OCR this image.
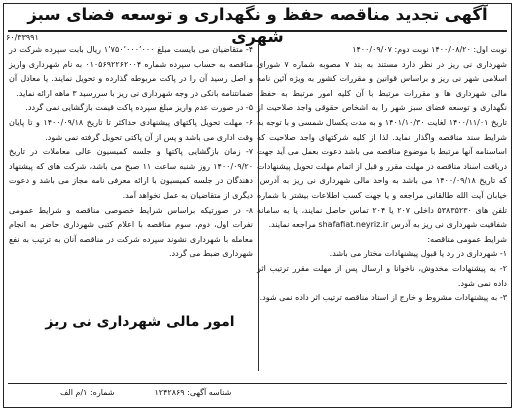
آگهی تجدید مناقصه حفظ و نگهداری و توسعه فضای سبز شهری
۶۰/۳۳۹۹۱

نوبت اول: ۱۴۰۰/۰۸/۲۰ نوبت دوم: ۱۴۰۰/۰۹/۰۷

شهرداری نی ریز در نظر دارد مستند به بند ۷ مصوبه شماره ۷ شورای اسلامی شهر نی ریز و براساس قوانین و مقررات کشور به ویژه آئین نامه مالی شهرداری ها و مقررات مرتبط با آن کلیه امور مرتبط به حفظ، نگهداری و توسعه فضای سبز شهر را به اشخاص حقوقی واجد صلاحیت از تاریخ ۱۴۰۰/۱۱/۰۱ لغایت ۱۴۰۱/۱۰/۳۰ و به مدت یکسال شمسی و با توجه به شرایط سند مناقصه واگذار نماید. لذا از کلیه شرکتهای واجد صلاحیت که اساسنامه آنها مرتبط با موضوع مناقصه می باشد دعوت بعمل می آید جهت دریافت اسناد مناقصه در مهلت مقرر و قبل از اتمام مهلت تحویل پیشنهادات که تاریخ ۱۴۰۰/۰۹/۱۸ می باشد به واحد مالی شهرداری نی ریز به آدرس: خیابان آیت الله طالقانی مراجعه و یا جهت کسب اطلاعات بیشتر با شماره تلفن های ۵۳۸۳۵۲۳۰ داخلی ۲۰۷ یا ۲۰۴ تماس حاصل نمایند، یا به سامانه شفافیت شهرداری نی ریز به آدرس shafafiat.neyriz.ir مراجعه نمایند.

شرایط عمومی مناقصه:

۱- شهرداری در رد یا قبول پیشنهادات مختار می باشد.

۲- به پیشنهادات مخدوش، ناخوانا و ارسال پس از مهلت مقرر ترتیب اثر داده نمی شود.

۳- به پیشنهادات مشروط و خارج از اسناد مناقصه ترتیب اثر داده نمی شود.

۴- متقاضیان می بایست مبلغ ۱٬۷۵۰٬۰۰۰٬۰۰۰ ریال بابت سپرده شرکت در مناقصه به حساب سپرده شماره ۰۱۰۵۶۹۲۲۶۲۰۰۴ به نام شهرداری واریز و اصل رسید آن را در پاکت مربوطه گذارده و تحویل نمایند. یا معادل آن ضمانتنامه بانکی در وجه شهرداری نی ریز با سررسید ۳ ماهه ارائه نماید.

۵- در صورت عدم واریز مبلغ سپرده پاکت قیمت بازگشایی نمی گردد.

۶- مهلت تحویل پاکتهای پیشنهادی حداکثر تا تاریخ ۱۴۰۰/۰۹/۱۸ و تا پایان وقت اداری می باشد و پس از آن پاکتی تحویل گرفته نمی شود.

۷- زمان بازگشایی پاکتها و جلسه کمیسیون عالی معاملات در تاریخ ۱۴۰۰/۰۹/۲۰ روز شنبه ساعت ۱۱ صبح می باشد، شرکت های که پیشنهاد دهندگان در جلسه کمیسیون با ارائه معرفی نامه مجاز می باشد و دعوت دیگری از متقاضیان به عمل نخواهد آمد.

۸- در صورتیکه براساس شرایط خصوصی مناقصه و شرایط عمومی نفرات اول، دوم، سوم مناقصه با اعلام کتبی شهرداری حاضر به انجام معامله با شهرداری نشوند سپرده شرکت در مناقصه آنان به ترتیب به نفع شهرداری ضبط می گردد.

امور مالی شهرداری نی ریز
شناسه آگهی: ۱۲۴۲۸۶۹
شماره: ۱/م الف
